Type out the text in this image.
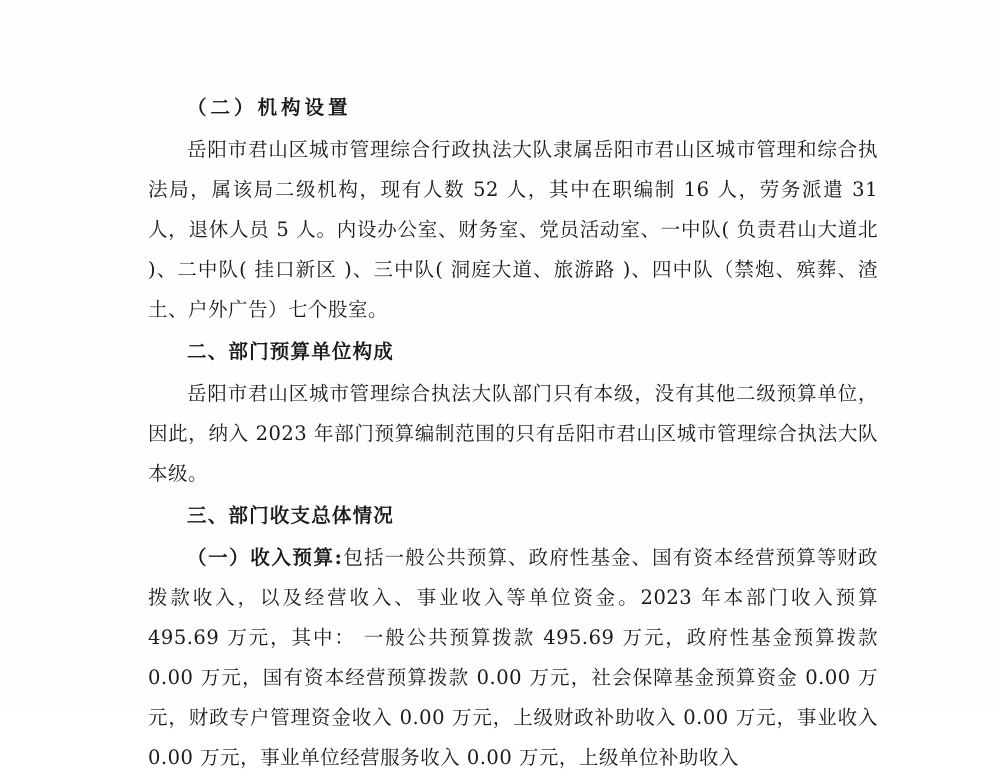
（二）机构设置

岳阳市君山区城市管理综合行政执法大队隶属岳阳市君山区城市管理和综合执法局，属该局二级机构，现有人数 52 人，其中在职编制 16 人，劳务派遣 31 人，退休人员 5 人。内设办公室、财务室、党员活动室、一中队( 负责君山大道北 )、二中队( 挂口新区 )、三中队( 洞庭大道、旅游路 )、四中队（禁炮、殡葬、渣土、户外广告）七个股室。

二、部门预算单位构成

岳阳市君山区城市管理综合执法大队部门只有本级，没有其他二级预算单位，因此，纳入 2023 年部门预算编制范围的只有岳阳市君山区城市管理综合执法大队本级。

三、部门收支总体情况

（一）收入预算:包括一般公共预算、政府性基金、国有资本经营预算等财政拨款收入，以及经营收入、事业收入等单位资金。2023 年本部门收入预算 495.69 万元，其中： 一般公共预算拨款 495.69 万元，政府性基金预算拨款 0.00 万元，国有资本经营预算拨款 0.00 万元，社会保障基金预算资金 0.00 万元，财政专户管理资金收入 0.00 万元，上级财政补助收入 0.00 万元，事业收入 0.00 万元，事业单位经营服务收入 0.00 万元，上级单位补助收入
